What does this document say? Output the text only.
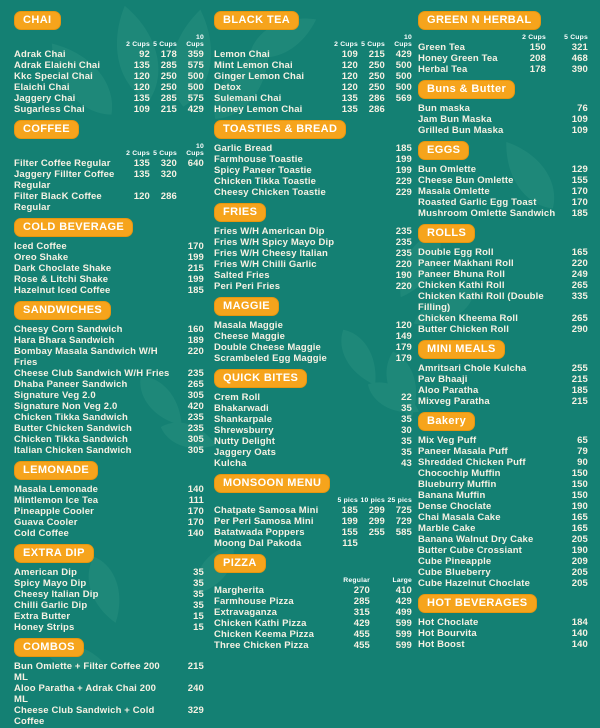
CHAI
2 Cups 5 Cups
10 Cups
Adrak Chai	92	178	359
Adrak Elaichi Chai	135	285	575
Kkc Special Chai	120	250	500
Elaichi Chai	120	250	500
Jaggery Chai	135	285	575
Sugarless Chai	109	215	429
COFFEE
2 Cups 5 Cups
10 Cups
Filter Coffee Regular	135	320	640
Jaggery Fillter Coffee Regular
135	320
Filter BlacK Coffee Regular
120	286
COLD BEVERAGE
Iced Coffee	170
Oreo Shake	199
Dark Choclate Shake	215
Rose & Litchi Shake	199
Hazelnut Iced Coffee	185
SANDWICHES
Cheesy Corn Sandwich	160
Hara Bhara Sandwich	189
Bombay Masala Sandwich W/H Fries
220
Cheese Club Sandwich W/H Fries	235
Dhaba Paneer Sandwich	265
Signature Veg 2.0	305
Signature Non Veg 2.0	420
Chicken Tikka Sandwich	235
Butter Chicken Sandwich	235
Chicken Tikka Sandwich	305
Italian Chicken Sandwich	305
LEMONADE
Masala Lemonade	140
Mintlemon Ice Tea	111
Pineapple Cooler	170
Guava Cooler	170
Cold Coffee	140
EXTRA DIP
American Dip	35
Spicy Mayo Dip	35
Cheesy Italian Dip	35
Chilli Garlic Dip	35
Extra Butter	15
Honey Strips	15
COMBOS
Bun Omlette + Filter Coffee 200 ML
215
Aloo Paratha + Adrak Chai 200 ML
240
Cheese Club Sandwich + Cold Coffee
329
BLACK TEA
2 Cups 5 Cups
10 Cups
Lemon Chai	109	215	429
Mint Lemon Chai	120	250	500
Ginger Lemon Chai	120	250	500
Detox	120	250	500
Sulemani Chai	135	286	569
Honey Lemon Chai	135	286
TOASTIES & BREAD
Garlic Bread	185
Farmhouse Toastie	199
Spicy Paneer Toastie	199
Chicken Tikka Toastie	229
Cheesy Chicken Toastie	229
FRIES
Fries W/H American Dip	235
Fries W/H Spicy Mayo Dip	235
Fries W/H Cheesy Italian	235
Fries W/H Chilli Garlic	220
Salted Fries	190
Peri Peri Fries	220
MAGGIE
Masala Maggie	120
Cheese Maggie	149
Double Cheese Maggie	179
Scrambeled Egg Maggie	179
QUICK BITES
Crem Roll	22
Bhakarwadi	35
Shankarpale	35
Shrewsburry	30
Nutty Delight	35
Jaggery Oats	35
Kulcha	43
MONSOON MENU
5 pics 10 pics 25 pics
Chatpate Samosa Mini	185	299	725
Per Peri Samosa Mini	199	299	729
Batatwada Poppers	155	255	585
Moong Dal Pakoda	115
PIZZA
Regular	Large
Margherita	270	410
Farmhouse Pizza	285	429
Extravaganza	315	499
Chicken Kathi Pizza	429	599
Chicken Keema Pizza	455	599
Three Chicken Pizza	455	599
GREEN N HERBAL
2 Cups	5 Cups
Green Tea	150	321
Honey Green Tea	208	468
Herbal Tea	178	390
Buns & Butter
Bun maska	76
Jam Bun Maska	109
Grilled Bun Maska	109
EGGS
Bun Omlette	129
Cheese Bun Omlette	155
Masala Omlette	170
Roasted Garlic Egg Toast	170
Mushroom Omlette Sandwich	185
ROLLS
Double Egg Roll	165
Paneer Makhani Roll	220
Paneer Bhuna Roll	249
Chicken Kathi Roll	265
Chicken Kathi Roll (Double Filling)
335
Chicken Kheema Roll	265
Butter Chicken Roll	290
MINI MEALS
Amritsari Chole Kulcha	255
Pav Bhaaji	215
Aloo Paratha	185
Mixveg Paratha	215
Bakery
Mix Veg Puff	65
Paneer Masala Puff	79
Shredded Chicken Puff	90
Chocochip Muffin	150
Blueburry Muffin	150
Banana Muffin	150
Dense Choclate	190
Chai Masala Cake	165
Marble Cake	165
Banana Walnut Dry Cake	205
Butter Cube Crossiant	190
Cube Pineapple	209
Cube Blueberry	205
Cube Hazelnut Choclate	205
HOT BEVERAGES
Hot Choclate	184
Hot Bourvita	140
Hot Boost	140
